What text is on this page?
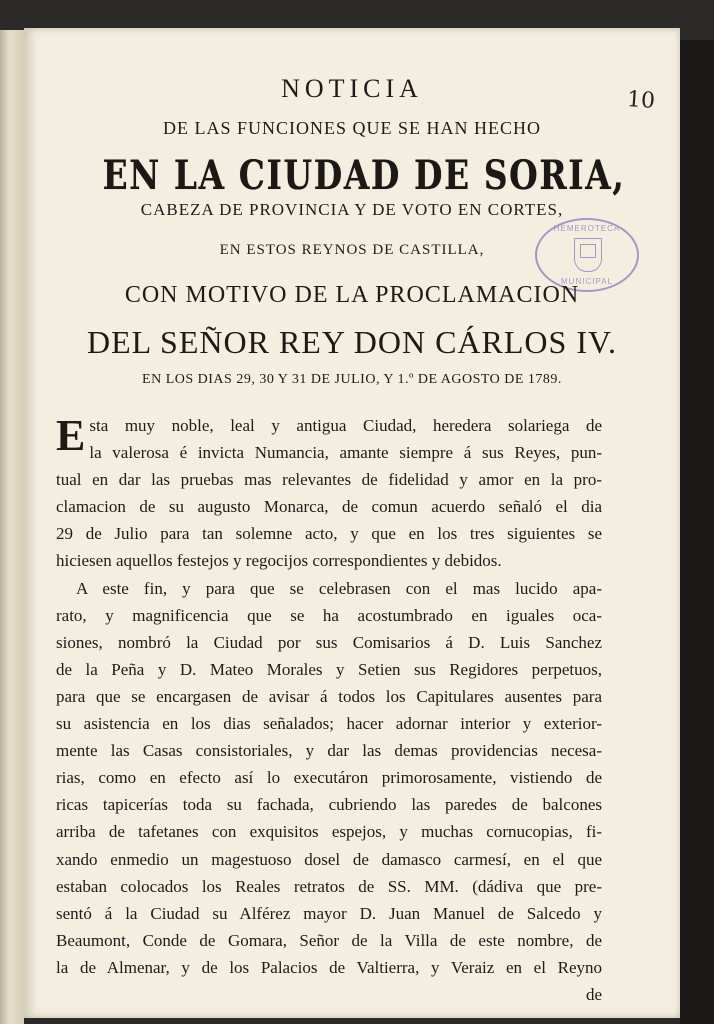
10
HEMEROTECA
MUNICIPAL
NOTICIA
DE LAS FUNCIONES QUE SE HAN HECHO
EN LA CIUDAD DE SORIA,
CABEZA DE PROVINCIA Y DE VOTO EN CORTES,
EN ESTOS REYNOS DE CASTILLA,
CON MOTIVO DE LA PROCLAMACION
DEL SEÑOR REY DON CÁRLOS IV.
EN LOS DIAS 29, 30 Y 31 DE JULIO, Y 1.º DE AGOSTO DE 1789.
E sta muy noble, leal y antigua Ciudad, heredera solariega de
la valerosa é invicta Numancia, amante siempre á sus Reyes, pun-
tual en dar las pruebas mas relevantes de fidelidad y amor en la pro-
clamacion de su augusto Monarca, de comun acuerdo señaló el dia
29 de Julio para tan solemne acto, y que en los tres siguientes se
hiciesen aquellos festejos y regocijos correspondientes y debidos.
A este fin, y para que se celebrasen con el mas lucido apa-
rato, y magnificencia que se ha acostumbrado en iguales oca-
siones, nombró la Ciudad por sus Comisarios á D. Luis Sanchez
de la Peña y D. Mateo Morales y Setien sus Regidores perpetuos,
para que se encargasen de avisar á todos los Capitulares ausentes para
su asistencia en los dias señalados; hacer adornar interior y exterior-
mente las Casas consistoriales, y dar las demas providencias necesa-
rias, como en efecto así lo executáron primorosamente, vistiendo de
ricas tapicerías toda su fachada, cubriendo las paredes de balcones
arriba de tafetanes con exquisitos espejos, y muchas cornucopias, fi-
xando enmedio un magestuoso dosel de damasco carmesí, en el que
estaban colocados los Reales retratos de SS. MM. (dádiva que pre-
sentó á la Ciudad su Alférez mayor D. Juan Manuel de Salcedo y
Beaumont, Conde de Gomara, Señor de la Villa de este nombre, de
la de Almenar, y de los Palacios de Valtierra, y Veraiz en el Reyno
de
